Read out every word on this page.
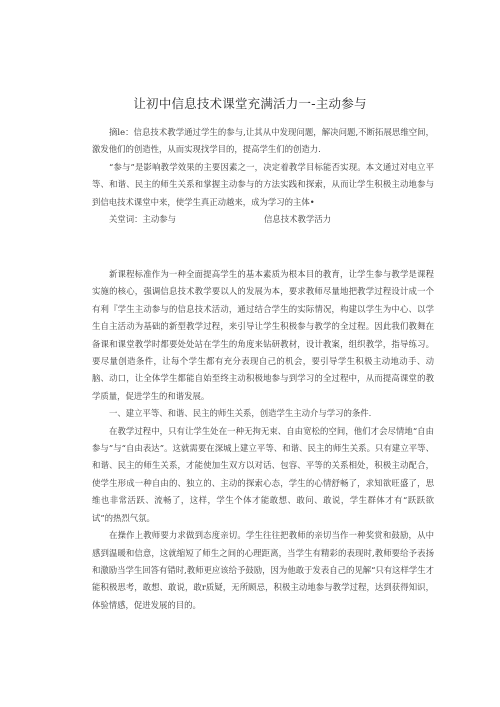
让初中信息技术课堂充满活力一-主动参与

摘le：信息技术教学通过学生的参与,让其从中发现问题，解决问题,不断拓展思维空间，激发他们的创造性，从而实现找学目的，提高学生们的创造力.

“参与”是影响教学效果的主要因素之一，决定着教学目标能否实现。本文通过对电立平等、和谐、民主的师生关系和掌握主动参与的方法实践和探索，从而让学生积极主动地参与到信电技术课堂中来，使学生真正动越来，成为学习的主体•

关堂词：主动参与	信息技术教学活力

新课程标准作为一种全面提高学生的基本素质为根本目的教育，让学生参与教学是课程实施的核心，强调信息技术教学要以人的发展为本，要求教师尽量地把教学过程设计成一个有利『学生主动参与的信息技术活动，通过结合学生的实际情况，构建以学生为中心、以学生自主活动为基础的新型教学过程，来引导让学生积极参与教学的全过程。因此我们教舞在备课和课堂教学时都要处处站在学生的角度来钻研教材，设计教案，组织教学，指导练习。要尽量创造条件，让每个学生都有充分表现自己的机会，要引导学生积极主动地动手、动脑、动口，让全体学生都能自始至终主动积极地参与到学习的全过程中，从而提高课堂的教学质量，促进学生的和谐发展。

一、建立平等、和谐、民主的师生关系，创造学生主动介与学习的条件.

在教学过程中，只有让学生处在一种无拘无束、自由宽松的空间，他们才会尽情地“自由参与”与“自由表达”。这就需要在深城上建立平等、和谐、民主的师生关系。只有建立平等、和谐、民主的师生关系，才能使加生双方以对话、包容、平等的关系相处，积极主动配合，使学生形成一种自由的、独立的、主动的探索心态，学生的心情舒畅了，求知欲旺盛了，思维也非常活跃、流畅了，这样，学生个体才能敢想、敢问、敢说，学生群体才有“跃跃欲试”的热烈气氛。

在操作上教师要力求做到态度亲切。学生往往把教师的亲切当作一种奖赏和鼓励，从中感到温暖和信意，这就缩短了师生之间的心理距离，当学生有精彩的表现时,教师要给予表扬和激励当学生回答有错时,教师更应该给予鼓励，因为他敢于发表自己的见解“只有这样学生才能积极思考，敢想、敢说，敢r质疑，无所顾忌，积极主动地参与教学过程，达到获得知识，体验情感，促进发展的目的。
